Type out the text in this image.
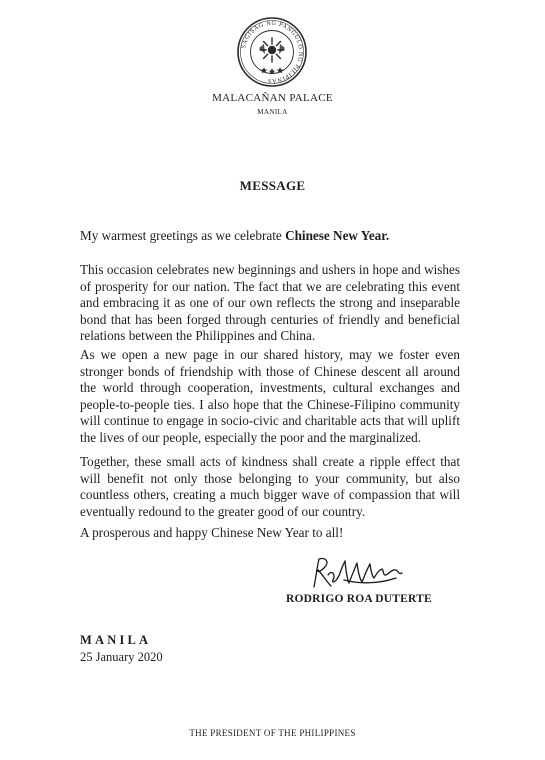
SAGISAG NG PANGULO NG PILIPINAS
MALACAÑAN PALACE
MANILA
MESSAGE
My warmest greetings as we celebrate Chinese New Year.
This occasion celebrates new beginnings and ushers in hope and wishes of prosperity for our nation. The fact that we are celebrating this event and embracing it as one of our own reflects the strong and inseparable bond that has been forged through centuries of friendly and beneficial relations between the Philippines and China.
As we open a new page in our shared history, may we foster even stronger bonds of friendship with those of Chinese descent all around the world through cooperation, investments, cultural exchanges and people-to-people ties. I also hope that the Chinese-Filipino community will continue to engage in socio-civic and charitable acts that will uplift the lives of our people, especially the poor and the marginalized.
Together, these small acts of kindness shall create a ripple effect that will benefit not only those belonging to your community, but also countless others, creating a much bigger wave of compassion that will eventually redound to the greater good of our country.
A prosperous and happy Chinese New Year to all!
RODRIGO ROA DUTERTE
MANILA
25 January 2020
THE PRESIDENT OF THE PHILIPPINES
